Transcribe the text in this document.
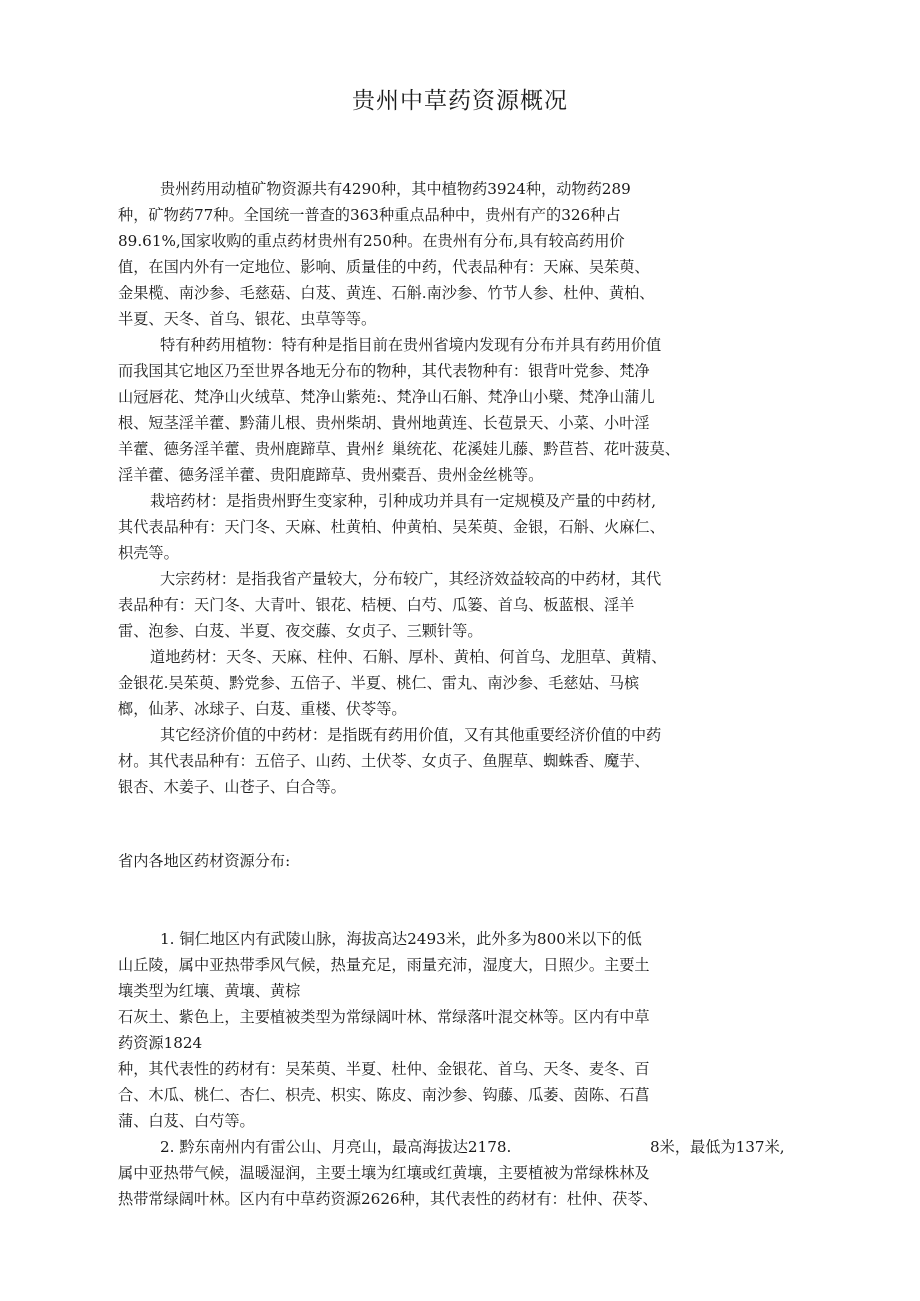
贵州中草药资源概况
贵州药用动植矿物资源共有4290种，其中植物药3924种，动物药289
种，矿物药77种。全国统一普查的363种重点品种中，贵州有产的326种占
89.61%,国家收购的重点药材贵州有250种。在贵州有分布,具有较高药用价
值，在国内外有一定地位、影响、质量佳的中药，代表品种有：天麻、吴茱萸、
金果榄、南沙参、毛慈菇、白芨、黄连、石斛.南沙参、竹节人参、杜仲、黄柏、
半夏、天冬、首乌、银花、虫草等等。
特有种药用植物：特有种是指目前在贵州省境内发现有分布并具有药用价值
而我国其它地区乃至世界各地无分布的物种，其代表物种有：银背叶党参、梵净
山冠唇花、梵净山火绒草、梵净山紫苑:、梵净山石斛、梵净山小檗、梵净山蒲儿
根、短茎淫羊藿、黔蒲儿根、贵州柴胡、貴州地黄连、长苞景天、小菜、小叶淫
羊藿、德务淫羊藿、贵州鹿蹄草、貴州纟巢统花、花溪娃儿藤、黔苣苔、花叶菠莫、
淫羊藿、德务淫羊藿、贵阳鹿蹄草、贵州橐吾、贵州金丝桃等。
栽培药材：是指贵州野生变家种，引种成功并具有一定规模及产量的中药材,
其代表品种有：天门冬、天麻、杜黄柏、仲黄柏、吴茱萸、金银，石斛、火麻仁、
枳壳等。
大宗药材：是指我省产量较大，分布较广，其经济效益较高的中药材，其代
表品种有：天门冬、大青叶、银花、桔梗、白芍、瓜篓、首乌、板蓝根、淫羊
雷、泡参、白芨、半夏、夜交藤、女贞子、三颗针等。
道地药材：天冬、天麻、柱仲、石斛、厚朴、黄柏、何首乌、龙胆草、黄精、
金银花.吴茱萸、黔党参、五倍子、半夏、桃仁、雷丸、南沙参、毛慈姑、马槟
榔，仙茅、冰球子、白芨、重楼、伏苓等。
其它经济价值的中药材：是指既有药用价值，又有其他重要经济价值的中药
材。其代表品种有：五倍子、山药、土伏苓、女贞子、鱼腥草、蜘蛛香、魔芋、
银杏、木姜子、山苍子、白合等。
省内各地区药材资源分布:
1. 铜仁地区内有武陵山脉，海拔高达2493米，此外多为800米以下的低
山丘陵，属中亚热带季风气候，热量充足，雨量充沛，湿度大，日照少。主要土
壤类型为红壤、黄壤、黄棕
石灰土、紫色上，主要植被类型为常绿阔叶林、常绿落叶混交林等。区内有中草
药资源1824
种，其代表性的药材有：吴茱萸、半夏、杜仲、金银花、首乌、天冬、麦冬、百
合、木瓜、桃仁、杏仁、枳壳、枳实、陈皮、南沙参、钩藤、瓜萎、茵陈、石菖
蒲、白芨、白芍等。
2. 黔东南州内有雷公山、月亮山，最高海拔达2178.	8米，最低为137米,
属中亚热带气候，温暖湿润，主要土壤为红壤或红黄壤，主要植被为常绿株林及
热带常绿阔叶林。区内有中草药资源2626种，其代表性的药材有：杜仲、茯苓、
